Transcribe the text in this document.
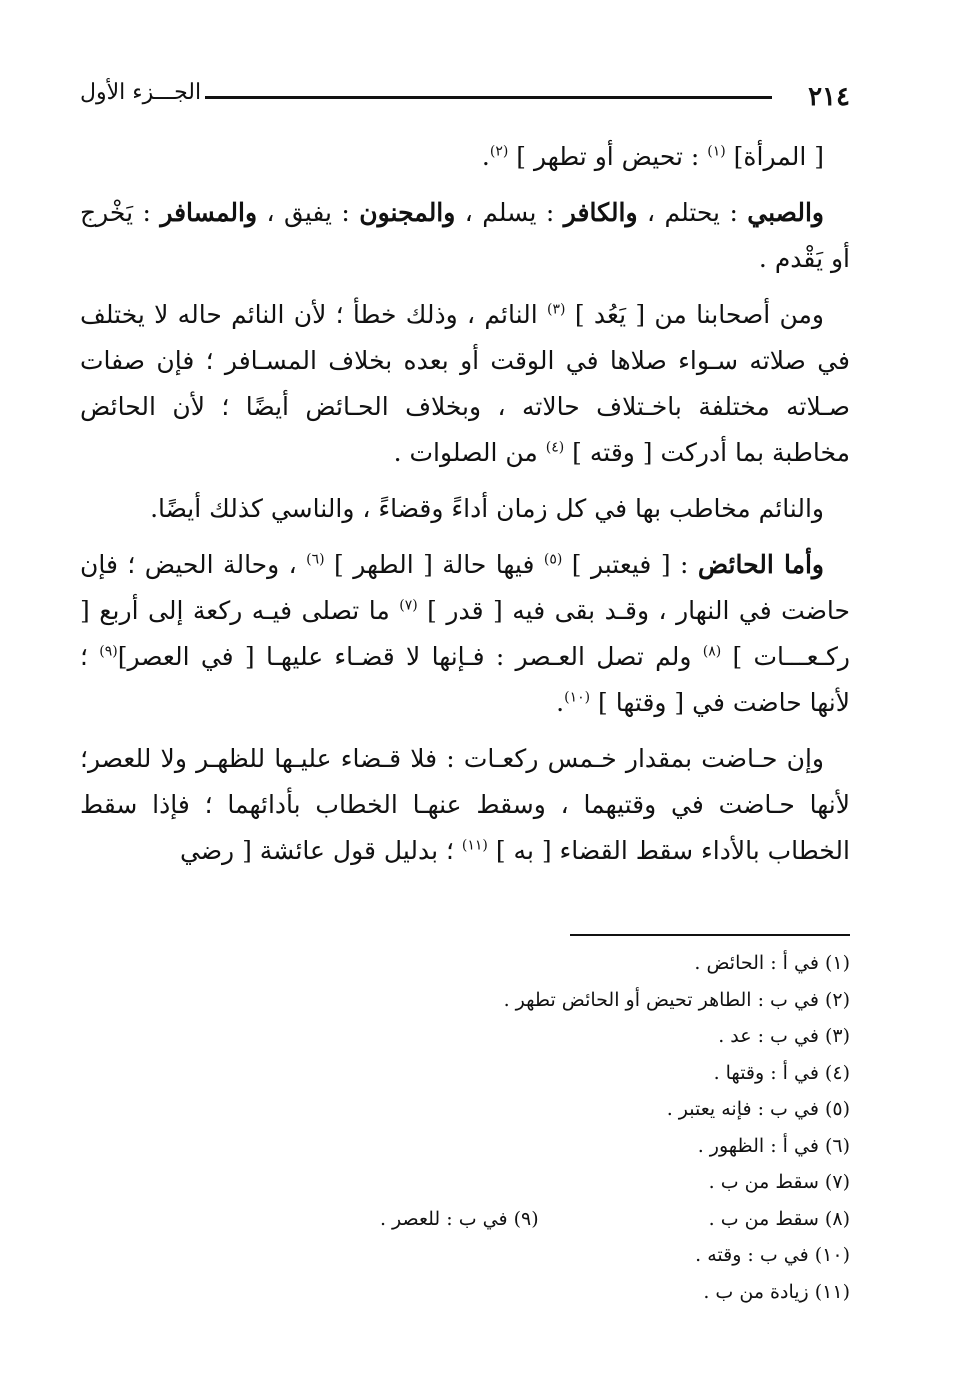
٢١٤
الجـــزء الأول

[ المرأة] $^{(١)}$ : تحيض أو تطهر ] $^{(٢)}$.

والصبي : يحتلم ، والكافر : يسلم ، والمجنون : يفيق ، والمسافر : يَخْرج أو يَقْدم .

ومن أصحابنا من [ يَعُد ] $^{(٣)}$ النائم ، وذلك خطأ ؛ لأن النائم حاله لا يختلف في صلاته سـواء صلاها في الوقت أو بعده بخلاف المسـافر ؛ فإن صفات صـلاته مختلفة باخـتلاف حالاته ، وبخلاف الحـائض أيضًا ؛ لأن الحائض مخاطبة بما أدركت [ وقته ] $^{(٤)}$ من الصلوات .

والنائم مخاطب بها في كل زمان أداءً وقضاءً ، والناسي كذلك أيضًا.

وأما الحائض : [ فيعتبر ] $^{(٥)}$ فيها حالة [ الطهر ] $^{(٦)}$ ، وحالة الحيض ؛ فإن حاضت في النهار ، وقـد بقى فيه [ قدر ] $^{(٧)}$ ما تصلى فيـه ركعة إلى أربع [ ركـعـــات ] $^{(٨)}$ ولم تصل العـصر : فـإنها لا قضـاء عليهـا [ في العصر]$^{(٩)}$ ؛ لأنها حاضت في [ وقتها ] $^{(١٠)}$.

وإن حـاضت بمقدار خـمس ركعـات : فلا قـضاء عليـها للظهـر ولا للعصر؛ لأنها حـاضت في وقتيهما ، وسقط عنهـا الخطاب بأدائهما ؛ فإذا سقط الخطاب بالأداء سقط القضاء [ به ] $^{(١١)}$ ؛ بدليل قول عائشة [ رضي

(١) في أ : الحائض .
(٢) في ب : الطاهر تحيض أو الحائض تطهر .
(٣) في ب : عد .
(٤) في أ : وقتها .
(٥) في ب : فإنه يعتبر .
(٦) في أ : الظهور .
(٧) سقط من ب .
(٨) سقط من ب .
(٩) في ب : للعصر .
(١٠) في ب : وقته .
(١١) زيادة من ب .
